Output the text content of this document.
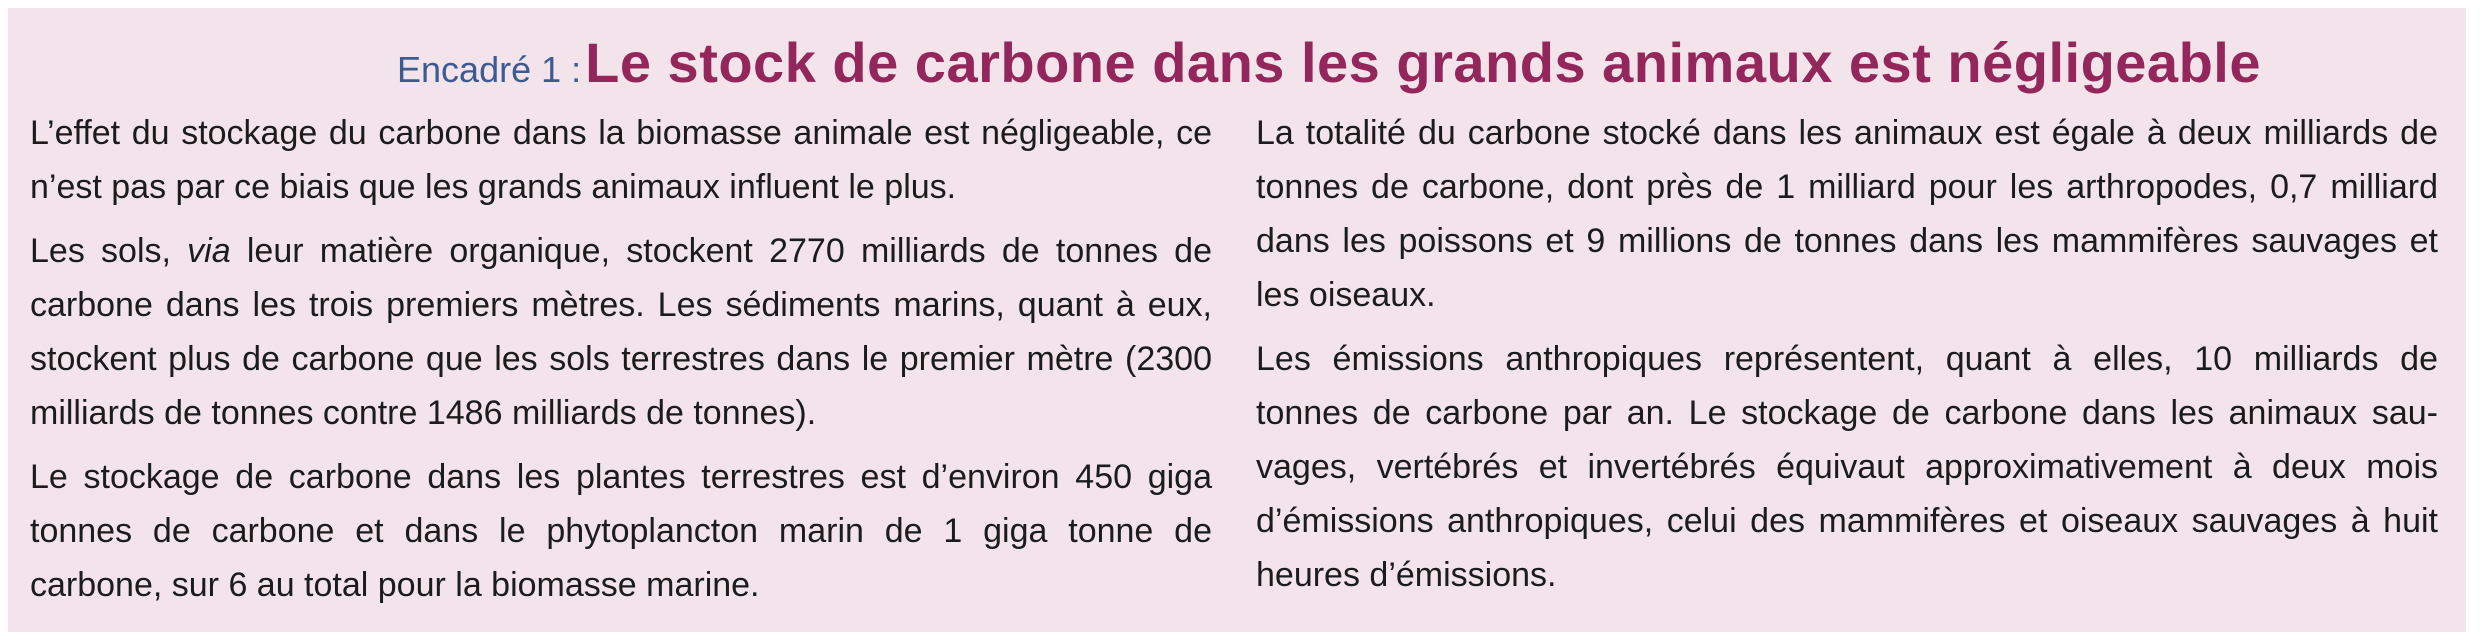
Encadré 1 : Le stock de carbone dans les grands animaux est négligeable

L’effet du stockage du carbone dans la biomasse animale est négligeable, ce n’est pas par ce biais que les grands animaux influent le plus.

Les sols, via leur matière organique, stockent 2770 milliards de tonnes de carbone dans les trois premiers mètres. Les sédiments marins, quant à eux, stockent plus de carbone que les sols terrestres dans le premier mètre (2300 milliards de tonnes contre 1486 milliards de tonnes).

Le stockage de carbone dans les plantes terrestres est d’environ 450 giga tonnes de carbone et dans le phytoplancton marin de 1 giga tonne de carbone, sur 6 au total pour la biomasse marine.

La totalité du carbone stocké dans les animaux est égale à deux milliards de tonnes de carbone, dont près de 1 milliard pour les arthropodes, 0,7 milliard dans les poissons et 9 millions de tonnes dans les mammifères sauvages et les oiseaux.

Les émissions anthropiques représentent, quant à elles, 10 milliards de tonnes de carbone par an. Le stockage de carbone dans les animaux sauvages, vertébrés et invertébrés équivaut approximativement à deux mois d’émissions anthropiques, celui des mammifères et oiseaux sauvages à huit heures d’émissions.
